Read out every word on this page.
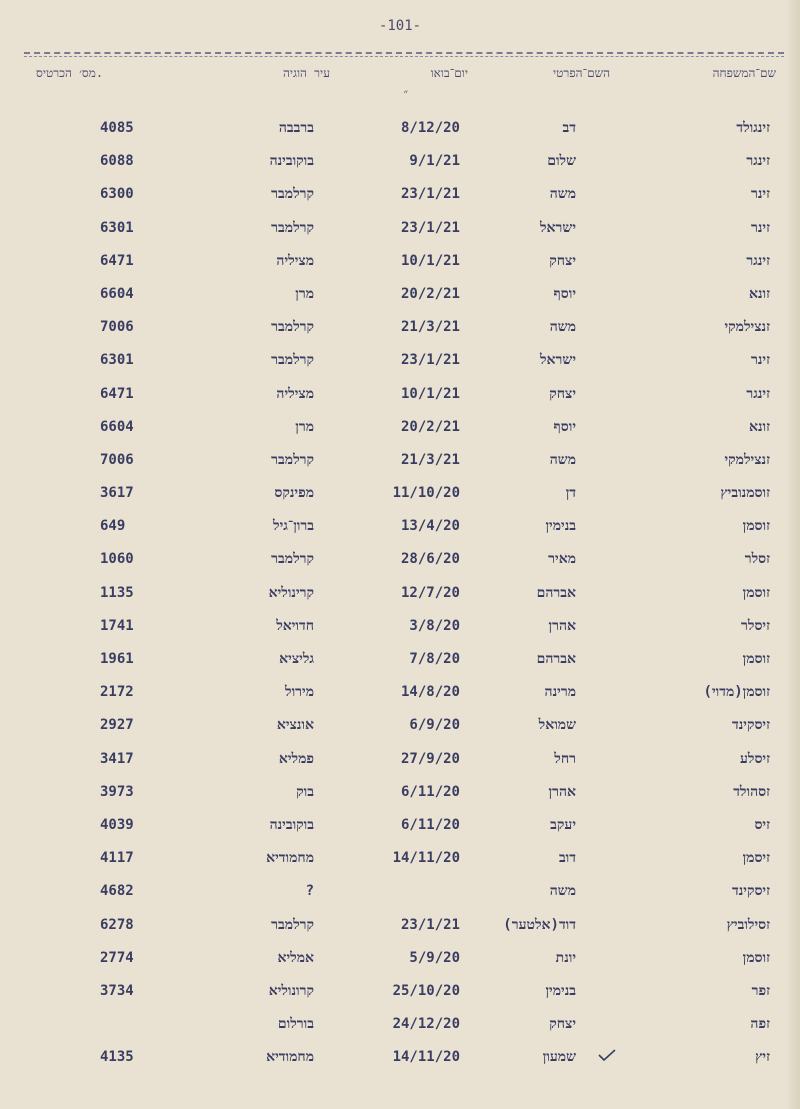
-101-
שם־המשפחה
השם־הפרטי
יום־בואו
״
עיר הוגיה
מס׳ הכרטיס.
זינגולד
דב
8/12/20
ברבבה
4085
זינגר
שלום
9/1/21
בוקובינה
6088
זינר
משה
23/1/21
קרלמבר
6300
זינר
ישראל
23/1/21
קרלמבר
6301
זינגר
יצחק
10/1/21
מציליה
6471
זונא
יוסף
20/2/21
מרן
6604
זנצילמקי
משה
21/3/21
קרלמבר
7006
זינר
ישראל
23/1/21
קרלמבר
6301
זינגר
יצחק
10/1/21
מציליה
6471
זונא
יוסף
20/2/21
מרן
6604
זנצילמקי
משה
21/3/21
קרלמבר
7006
זוסמנוביץ
דן
11/10/20
מפינקס
3617
זוסמן
בנימין
13/4/20
ברון־גיל
649
זסלר
מאיר
28/6/20
קרלמבר
1060
זוסמן
אברהם
12/7/20
קרינוליא
1135
זיסלר
אהרן
3/8/20
חדויאל
1741
זוסמן
אברהם
7/8/20
גליציא
1961
זוסמן(מדוי)
מרינה
14/8/20
מירול
2172
זיסקינד
שמואל
6/9/20
אונציא
2927
זיסלע
רחל
27/9/20
פמליא
3417
זסהולד
אהרן
6/11/20
בוק
3973
זיס
יעקב
6/11/20
בוקובינה
4039
זיסמן
דוב
14/11/20
מחמודיא
4117
זיסקינד
משה
?
4682
זסילוביץ
דוד(אלטער)
23/1/21
קרלמבר
6278
זוסמן
יונת
5/9/20
אמליא
2774
זפר
בנימין
25/10/20
קרונוליא
3734
זפה
יצחק
24/12/20
בורלום
זיץ
שמעון
14/11/20
מחמודיא
4135
